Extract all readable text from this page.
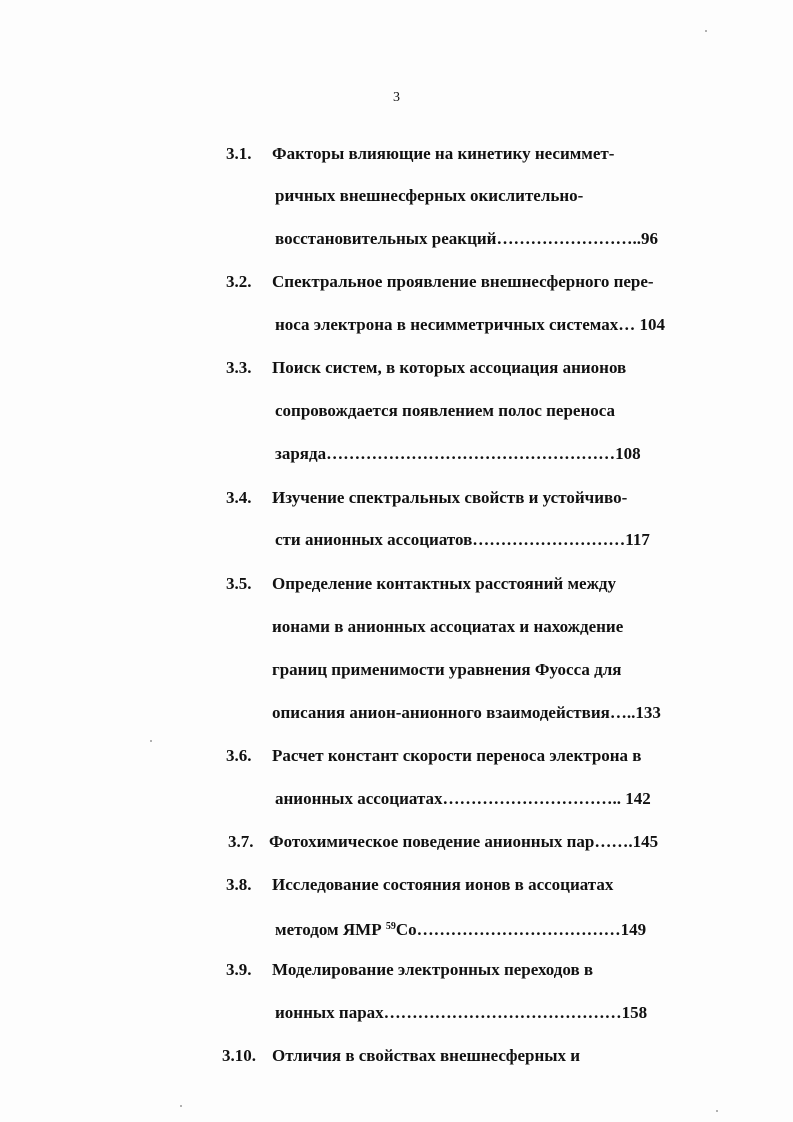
3
3.1. Факторы влияющие на кинетику несиммет-
ричных внешнесферных окислительно-
восстановительных реакций……………………..96
3.2. Спектральное проявление внешнесферного пере-
носа электрона в несимметричных системах… 104
3.3. Поиск систем, в которых ассоциация анионов
сопровождается появлением полос переноса
заряда……………………………………………108
3.4. Изучение спектральных свойств и устойчиво-
сти анионных ассоциатов………………………117
3.5. Определение контактных расстояний между
ионами в анионных ассоциатах и нахождение
границ применимости уравнения Фуосса для
описания анион-анионного взаимодействия…..133
3.6. Расчет констант скорости переноса электрона в
анионных ассоциатах………………………….. 142
3.7. Фотохимическое поведение анионных пар…….145
3.8. Исследование состояния ионов в ассоциатах
методом ЯМР $^{59}$Co………………………………149
3.9. Моделирование электронных переходов в
ионных парах……………………………………158
3.10. Отличия в свойствах внешнесферных и
